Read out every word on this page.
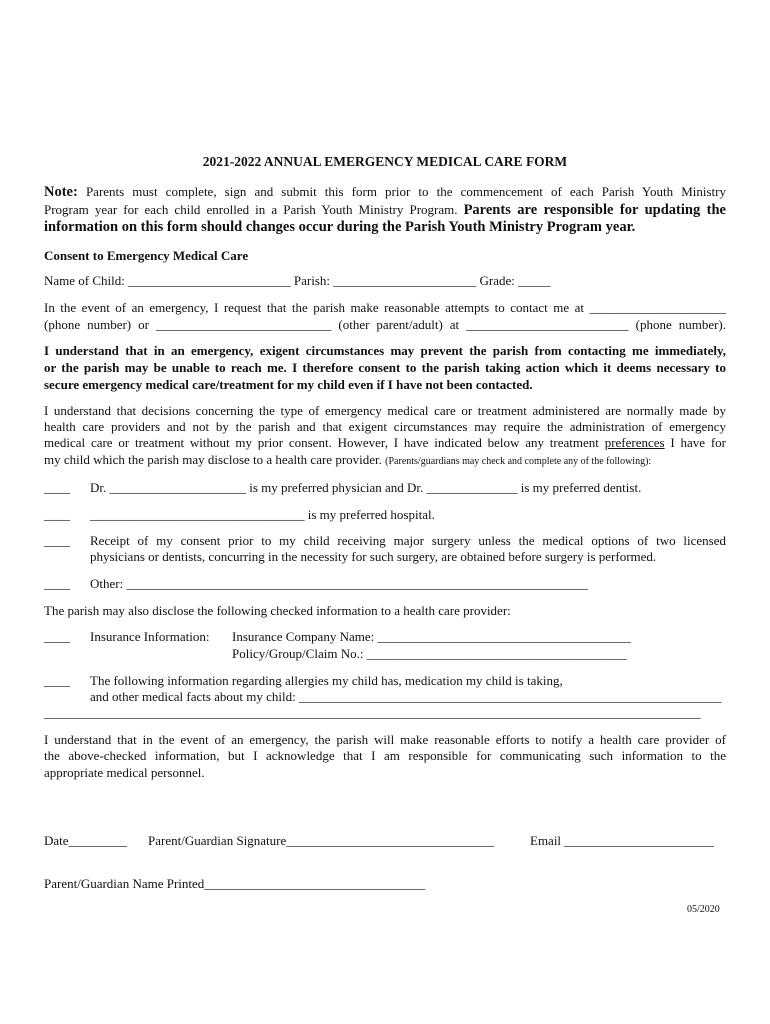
2021-2022 ANNUAL EMERGENCY MEDICAL CARE FORM
Note: Parents must complete, sign and submit this form prior to the commencement of each Parish Youth Ministry
Program year for each child enrolled in a Parish Youth Ministry Program. Parents are responsible for updating the
information on this form should changes occur during the Parish Youth Ministry Program year.
Consent to Emergency Medical Care
Name of Child: _________________________ Parish: ______________________ Grade: _____
In the event of an emergency, I request that the parish make reasonable attempts to contact me at _____________________
(phone number) or ___________________________ (other parent/adult) at _________________________ (phone number).
I understand that in an emergency, exigent circumstances may prevent the parish from contacting me immediately,
or the parish may be unable to reach me. I therefore consent to the parish taking action which it deems necessary to
secure emergency medical care/treatment for my child even if I have not been contacted.
I understand that decisions concerning the type of emergency medical care or treatment administered are normally made by
health care providers and not by the parish and that exigent circumstances may require the administration of emergency
medical care or treatment without my prior consent. However, I have indicated below any treatment preferences I have for
my child which the parish may disclose to a health care provider. (Parents/guardians may check and complete any of the following):
____ Dr. _____________________ is my preferred physician and Dr. ______________ is my preferred dentist.
____ _________________________________ is my preferred hospital.
____ Receipt of my consent prior to my child receiving major surgery unless the medical options of two licensed
physicians or dentists, concurring in the necessity for such surgery, are obtained before surgery is performed.
____ Other: _______________________________________________________________________
The parish may also disclose the following checked information to a health care provider:
____ Insurance Information: Insurance Company Name: _______________________________________
Policy/Group/Claim No.: ________________________________________
____ The following information regarding allergies my child has, medication my child is taking,
and other medical facts about my child: _________________________________________________________________
_____________________________________________________________________________________________________
I understand that in the event of an emergency, the parish will make reasonable efforts to notify a health care provider of
the above-checked information, but I acknowledge that I am responsible for communicating such information to the
appropriate medical personnel.
Date_________ Parent/Guardian Signature________________________________	Email _______________________
Parent/Guardian Name Printed__________________________________
05/2020
